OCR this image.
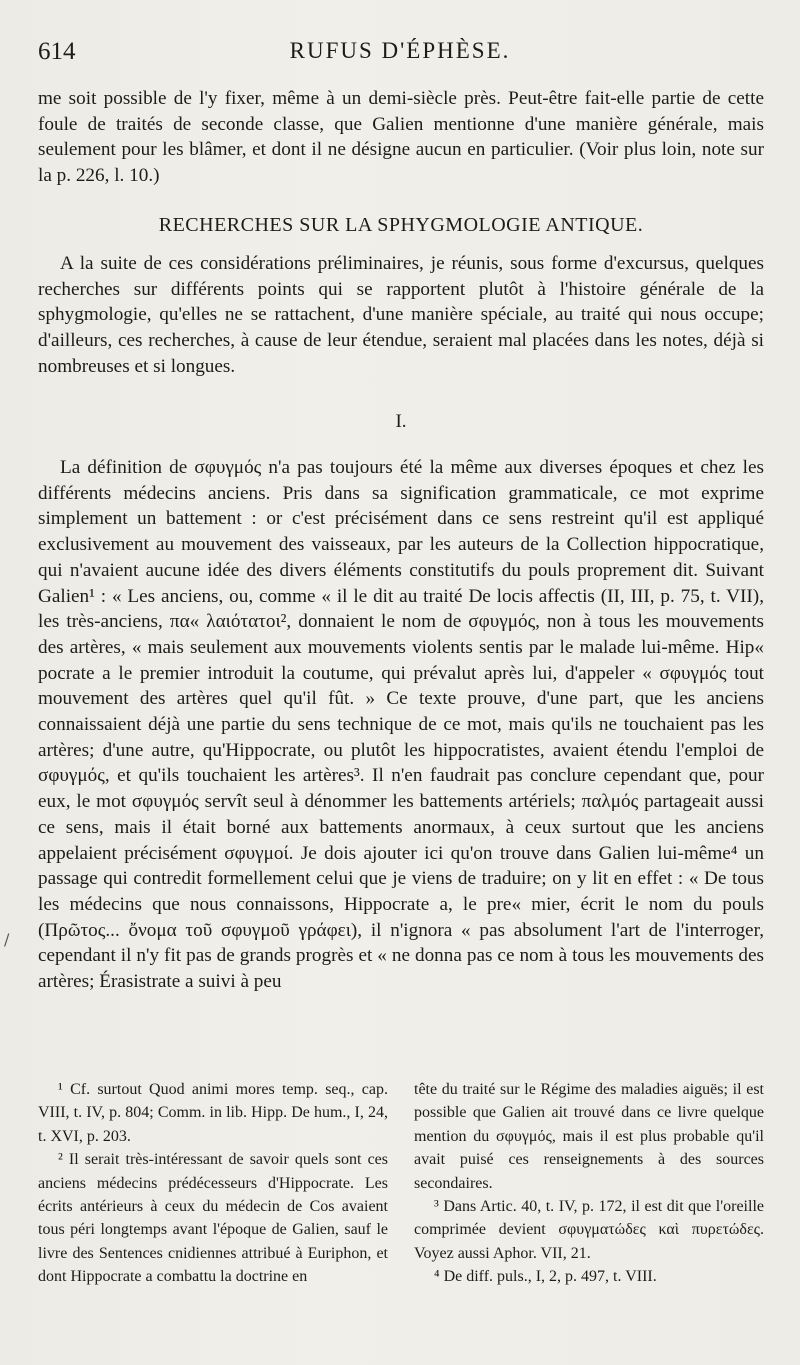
614	RUFUS D'ÉPHÈSE.

me soit possible de l'y fixer, même à un demi-siècle près. Peut-être fait-elle partie de cette foule de traités de seconde classe, que Galien mentionne d'une manière générale, mais seulement pour les blâmer, et dont il ne désigne aucun en particulier. (Voir plus loin, note sur la p. 226, l. 10.)

RECHERCHES SUR LA SPHYGMOLOGIE ANTIQUE.

A la suite de ces considérations préliminaires, je réunis, sous forme d'excursus, quelques recherches sur différents points qui se rapportent plutôt à l'histoire générale de la sphygmologie, qu'elles ne se rattachent, d'une manière spéciale, au traité qui nous occupe; d'ailleurs, ces recherches, à cause de leur étendue, seraient mal placées dans les notes, déjà si nombreuses et si longues.

I.

La définition de σφυγμός n'a pas toujours été la même aux diverses époques et chez les différents médecins anciens. Pris dans sa signification grammaticale, ce mot exprime simplement un battement : or c'est précisément dans ce sens restreint qu'il est appliqué exclusivement au mouvement des vaisseaux, par les auteurs de la Collection hippocratique, qui n'avaient aucune idée des divers éléments constitutifs du pouls proprement dit. Suivant Galien¹ : « Les anciens, ou, comme « il le dit au traité De locis affectis (II, III, p. 75, t. VII), les très-anciens, πα« λαιότατοι², donnaient le nom de σφυγμός, non à tous les mouvements des artères, « mais seulement aux mouvements violents sentis par le malade lui-même. Hip« pocrate a le premier introduit la coutume, qui prévalut après lui, d'appeler « σφυγμός tout mouvement des artères quel qu'il fût. » Ce texte prouve, d'une part, que les anciens connaissaient déjà une partie du sens technique de ce mot, mais qu'ils ne touchaient pas les artères; d'une autre, qu'Hippocrate, ou plutôt les hippocratistes, avaient étendu l'emploi de σφυγμός, et qu'ils touchaient les artères³. Il n'en faudrait pas conclure cependant que, pour eux, le mot σφυγμός servît seul à dénommer les battements artériels; παλμός partageait aussi ce sens, mais il était borné aux battements anormaux, à ceux surtout que les anciens appelaient précisément σφυγμοί. Je dois ajouter ici qu'on trouve dans Galien lui-même⁴ un passage qui contredit formellement celui que je viens de traduire; on y lit en effet : « De tous les médecins que nous connaissons, Hippocrate a, le pre« mier, écrit le nom du pouls (Πρῶτος... ὄνομα τοῦ σφυγμοῦ γράφει), il n'ignora « pas absolument l'art de l'interroger, cependant il n'y fit pas de grands progrès et « ne donna pas ce nom à tous les mouvements des artères; Érasistrate a suivi à peu

¹ Cf. surtout Quod animi mores temp. seq., cap. VIII, t. IV, p. 804; Comm. in lib. Hipp. De hum., I, 24, t. XVI, p. 203.

² Il serait très-intéressant de savoir quels sont ces anciens médecins prédécesseurs d'Hippocrate. Les écrits antérieurs à ceux du médecin de Cos avaient tous péri longtemps avant l'époque de Galien, sauf le livre des Sentences cnidiennes attribué à Euriphon, et dont Hippocrate a combattu la doctrine en

tête du traité sur le Régime des maladies aiguës; il est possible que Galien ait trouvé dans ce livre quelque mention du σφυγμός, mais il est plus probable qu'il avait puisé ces renseignements à des sources secondaires.

³ Dans Artic. 40, t. IV, p. 172, il est dit que l'oreille comprimée devient σφυγματώδες καὶ πυρετώδες. Voyez aussi Aphor. VII, 21.

⁴ De diff. puls., I, 2, p. 497, t. VIII.

/
